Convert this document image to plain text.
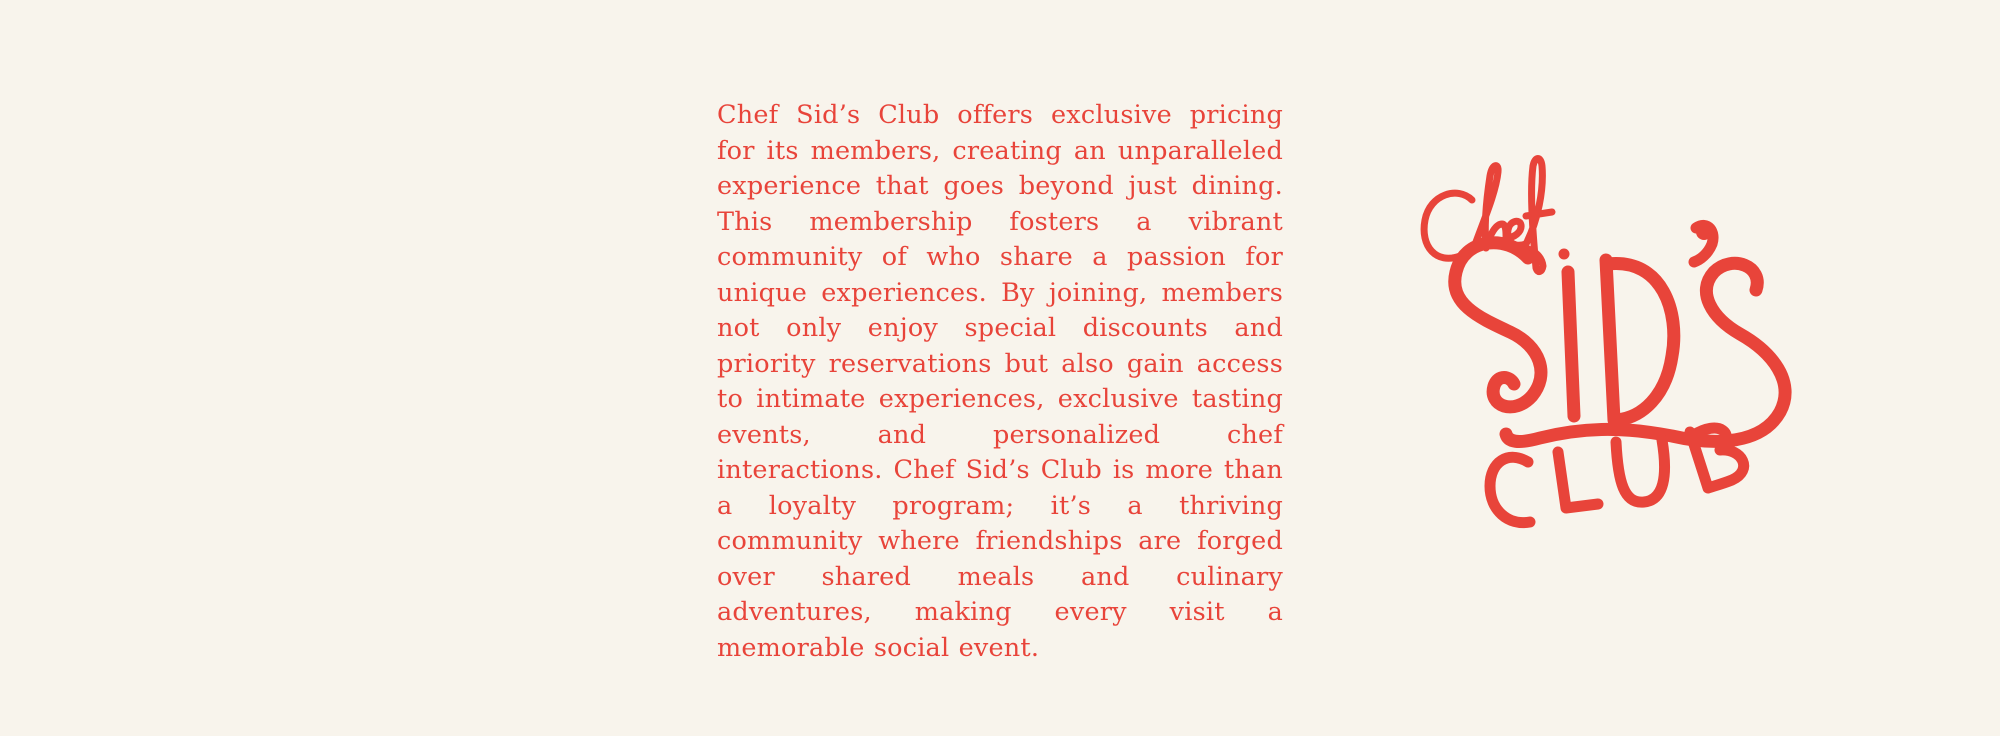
Chef Sid’s Club offers exclusive pricing for its members, creating an unparalleled experience that goes beyond just dining. This membership fosters a vibrant community of who share a passion for unique experiences. By joining, members not only enjoy special discounts and priority reservations but also gain access to intimate experiences, exclusive tasting events, and personalized chef interactions. Chef Sid’s Club is more than a loyalty program; it’s a thriving community where friendships are forged over shared meals and culinary adventures, making every visit a memorable social event.
